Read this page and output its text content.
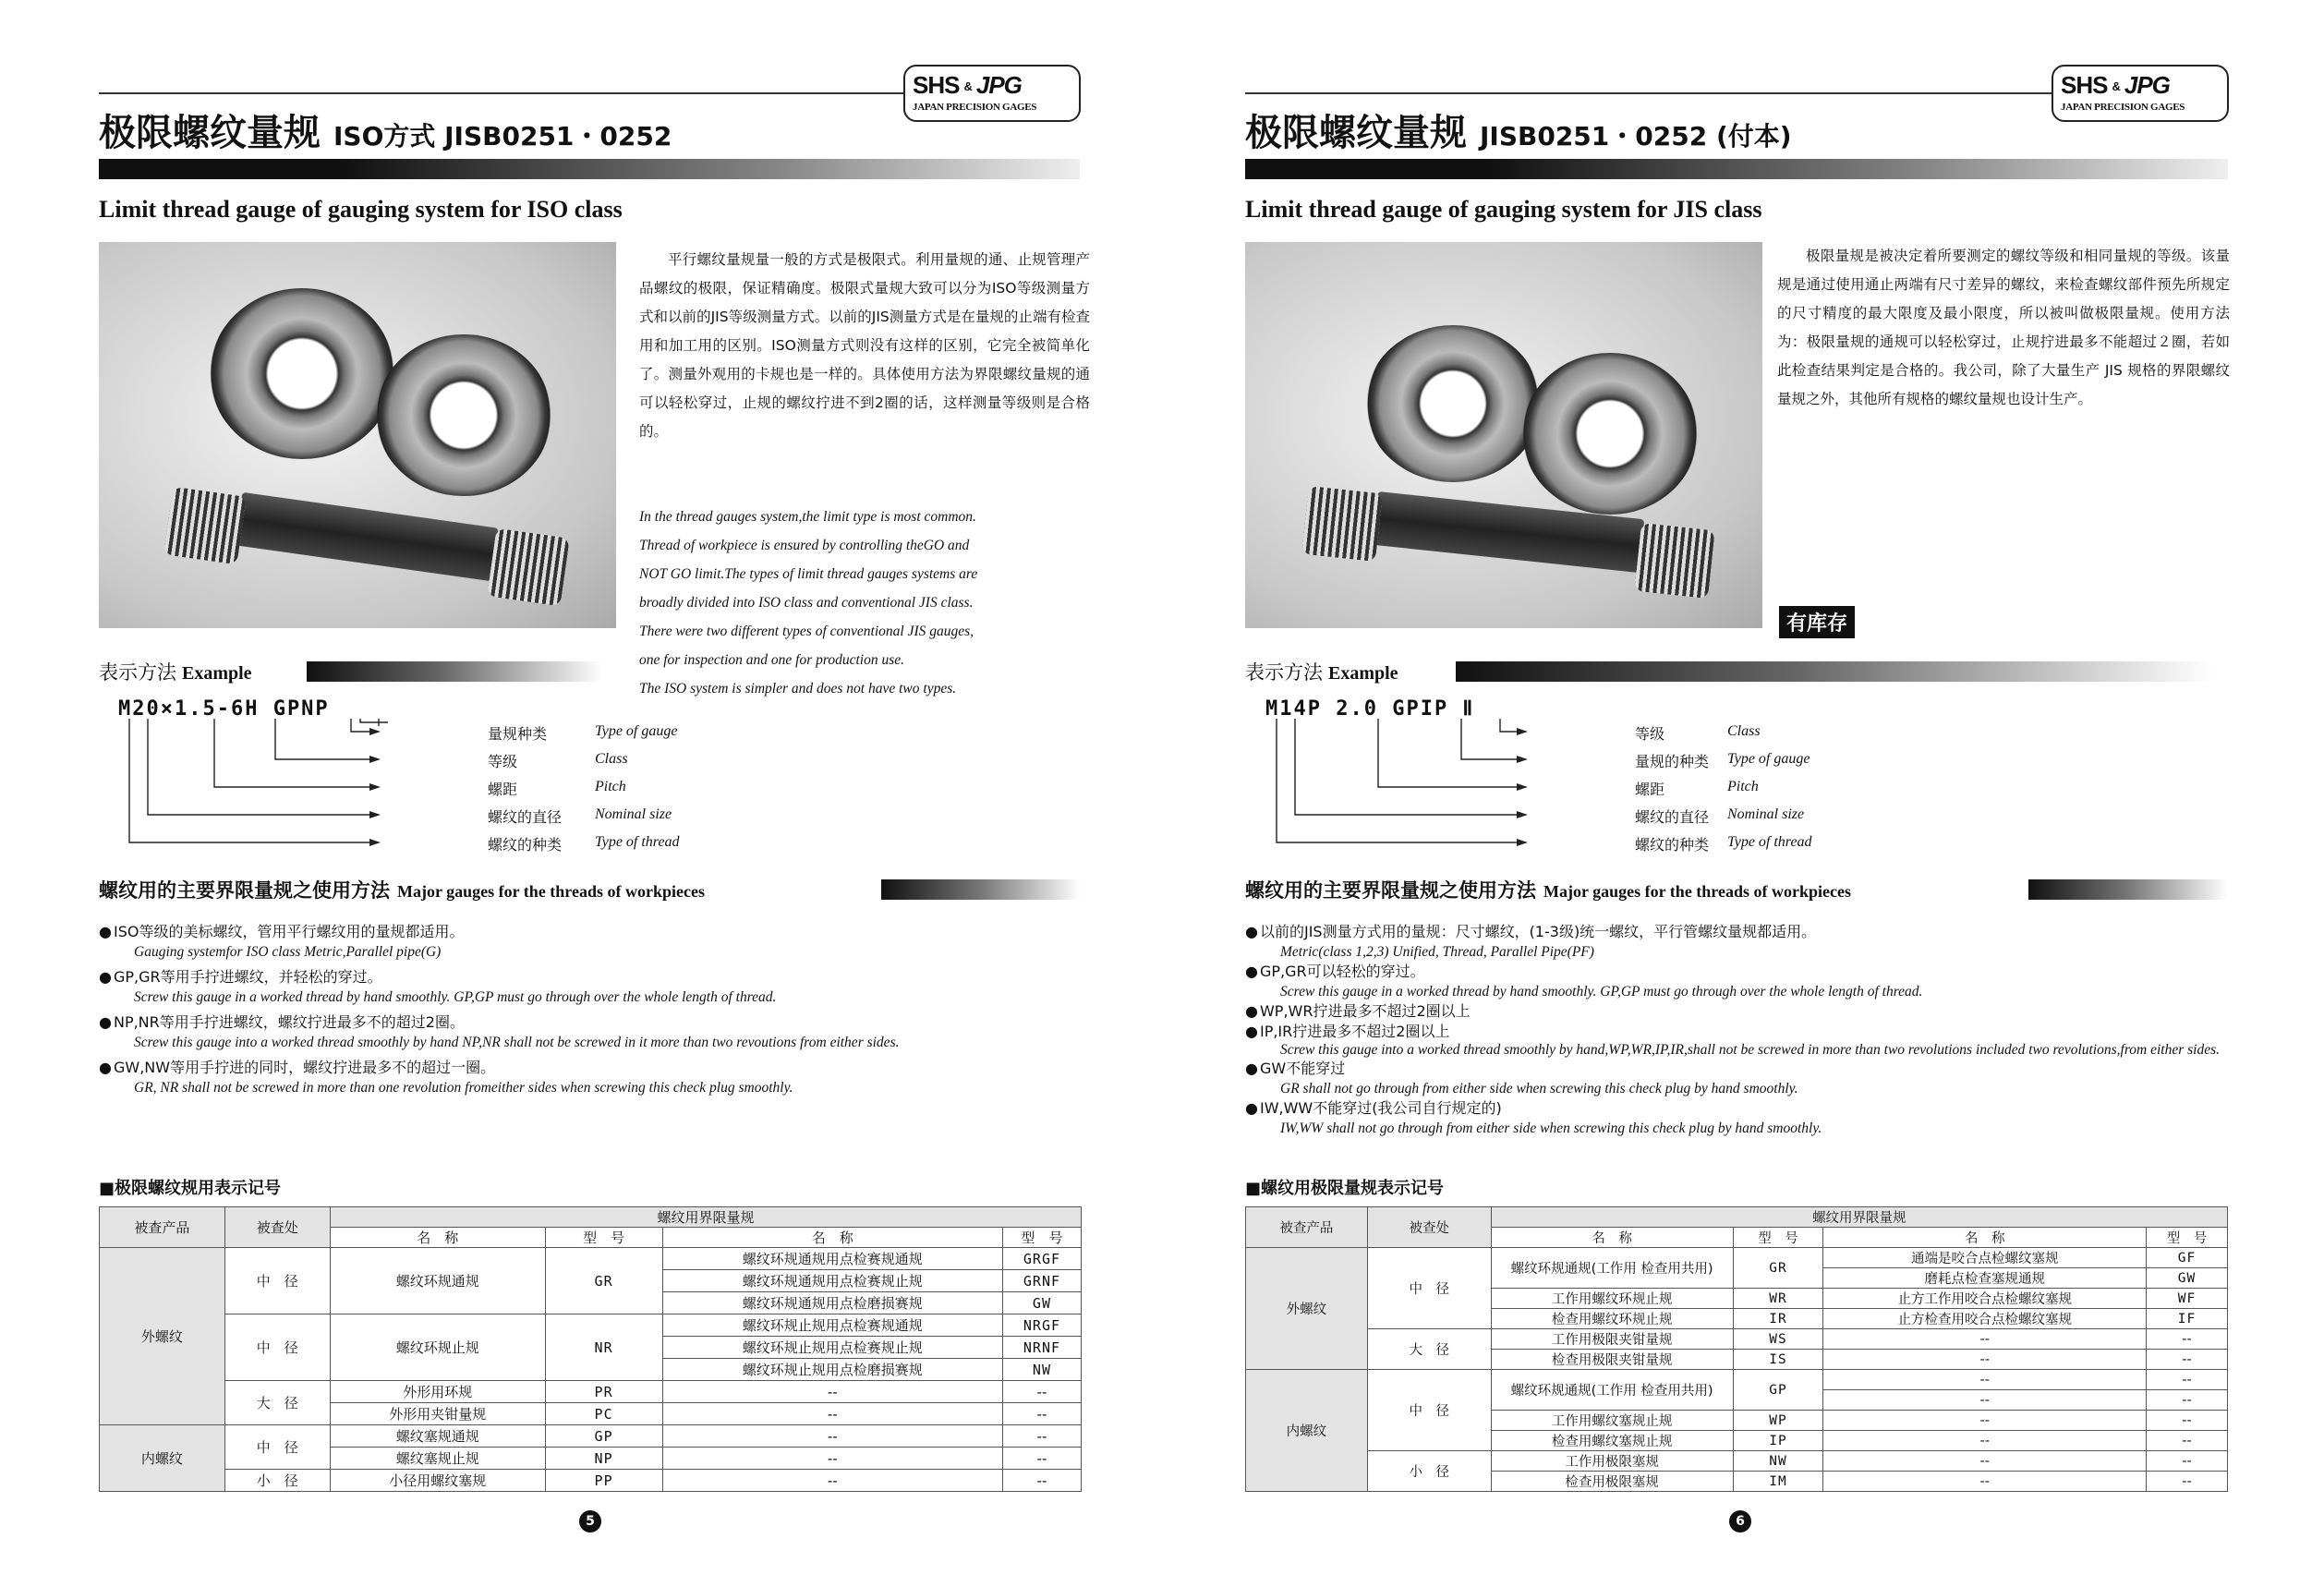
SHS & JPG
JAPAN PRECISION GAGES
极限螺纹量规 ISO方式 JISB0251・0252
Limit thread gauge of gauging system for ISO class
平行螺纹量规量一般的方式是极限式。利用量规的通、止规管理产品螺纹的极限，保证精确度。极限式量规大致可以分为ISO等级测量方式和以前的JIS等级测量方式。以前的JIS测量方式是在量规的止端有检查用和加工用的区别。ISO测量方式则没有这样的区别，它完全被简单化了。测量外观用的卡规也是一样的。具体使用方法为界限螺纹量规的通可以轻松穿过，止规的螺纹拧进不到2圈的话，这样测量等级则是合格的。

In the thread gauges system,the limit type is most common.

Thread of workpiece is ensured by controlling theGO and

NOT GO limit.The types of limit thread gauges systems are

broadly divided into ISO class and conventional JIS class.

There were two different types of conventional JIS gauges,

one for inspection and one for production use.

The ISO system is simpler and does not have two types.

表示方法 Example
M20×1.5-6H GPNP
量规种类	Type of gauge
等级	Class
螺距	Pitch
螺纹的直径 Nominal size
螺纹的种类 Type of thread
螺纹用的主要界限量规之使用方法 Major gauges for the threads of workpieces
● ISO等级的美标螺纹，管用平行螺纹用的量规都适用。
Gauging systemfor ISO class Metric,Parallel pipe(G)
● GP,GR等用手拧进螺纹，并轻松的穿过。
Screw this gauge in a worked thread by hand smoothly. GP,GP must go through over the whole length of thread.
● NP,NR等用手拧进螺纹，螺纹拧进最多不的超过2圈。
Screw this gauge into a worked thread smoothly by hand NP,NR shall not be screwed in it more than two revoutions from either sides.
● GW,NW等用手拧进的同时，螺纹拧进最多不的超过一圈。
GR, NR shall not be screwed in more than one revolution fromeither sides when screwing this check plug smoothly.
■极限螺纹规用表示记号
被查产品	被查处	螺纹用界限量规			
		名　称	型　号	名　称	型　号
外螺纹	中　径	螺纹环规通规	GR	螺纹环规通规用点检赛规通规	GRGF
				螺纹环规通规用点检赛规止规	GRNF
				螺纹环规通规用点检磨损赛规	GW
	中　径	螺纹环规止规	NR	螺纹环规止规用点检赛规通规	NRGF
				螺纹环规止规用点检赛规止规	NRNF
				螺纹环规止规用点检磨损赛规	NW
	大　径	外形用环规	PR	--	--
		外形用夹钳量规	PC	--	--
内螺纹	中　径	螺纹塞规通规	GP	--	--
		螺纹塞规止规	NP	--	--
	小　径	小径用螺纹塞规	PP	--	--
5
SHS & JPG
JAPAN PRECISION GAGES
极限螺纹量规 JISB0251・0252 (付本)
Limit thread gauge of gauging system for JIS class
有库存
极限量规是被决定着所要测定的螺纹等级和相同量规的等级。该量规是通过使用通止两端有尺寸差异的螺纹，来检查螺纹部件预先所规定的尺寸精度的最大限度及最小限度，所以被叫做极限量规。使用方法为：极限量规的通规可以轻松穿过，止规拧进最多不能超过２圈，若如此检查结果判定是合格的。我公司，除了大量生产 JIS 规格的界限螺纹量规之外，其他所有规格的螺纹量规也设计生产。
表示方法 Example
M14P 2.0 GPIP Ⅱ
等级	Class
量规的种类 Type of gauge
螺距	Pitch
螺纹的直径 Nominal size
螺纹的种类 Type of thread
螺纹用的主要界限量规之使用方法 Major gauges for the threads of workpieces
● 以前的JIS测量方式用的量规：尺寸螺纹，(1-3级)统一螺纹，平行管螺纹量规都适用。
Metric(class 1,2,3) Unified, Thread, Parallel Pipe(PF)
● GP,GR可以轻松的穿过。
Screw this gauge in a worked thread by hand smoothly. GP,GP must go through over the whole length of thread.
● WP,WR拧进最多不超过2圈以上
● IP,IR拧进最多不超过2圈以上
Screw this gauge into a worked thread smoothly by hand,WP,WR,IP,IR,shall not be screwed in more than two revolutions included two revolutions,from either sides.
● GW不能穿过
GR shall not go through from either side when screwing this check plug by hand smoothly.
● IW,WW不能穿过(我公司自行规定的)
IW,WW shall not go through from either side when screwing this check plug by hand smoothly.
■螺纹用极限量规表示记号
被查产品	被查处	螺纹用界限量规			
		名　称	型　号	名　称	型　号
外螺纹	中　径	螺纹环规通规(工作用 检查用共用)	GR	通端是咬合点检螺纹塞规	GF
				磨耗点检查塞规通规	GW
		工作用螺纹环规止规	WR	止方工作用咬合点检螺纹塞规	WF
		检查用螺纹环规止规	IR	止方检查用咬合点检螺纹塞规	IF
	大　径	工作用极限夹钳量规	WS	--	--
		检查用极限夹钳量规	IS	--	--
内螺纹	中　径	螺纹环规通规(工作用 检查用共用)	GP	--	--
				--	--
		工作用螺纹塞规止规	WP	--	--
		检查用螺纹塞规止规	IP	--	--
	小　径	工作用极限塞规	NW	--	--
		检查用极限塞规	IM	--	--
6
